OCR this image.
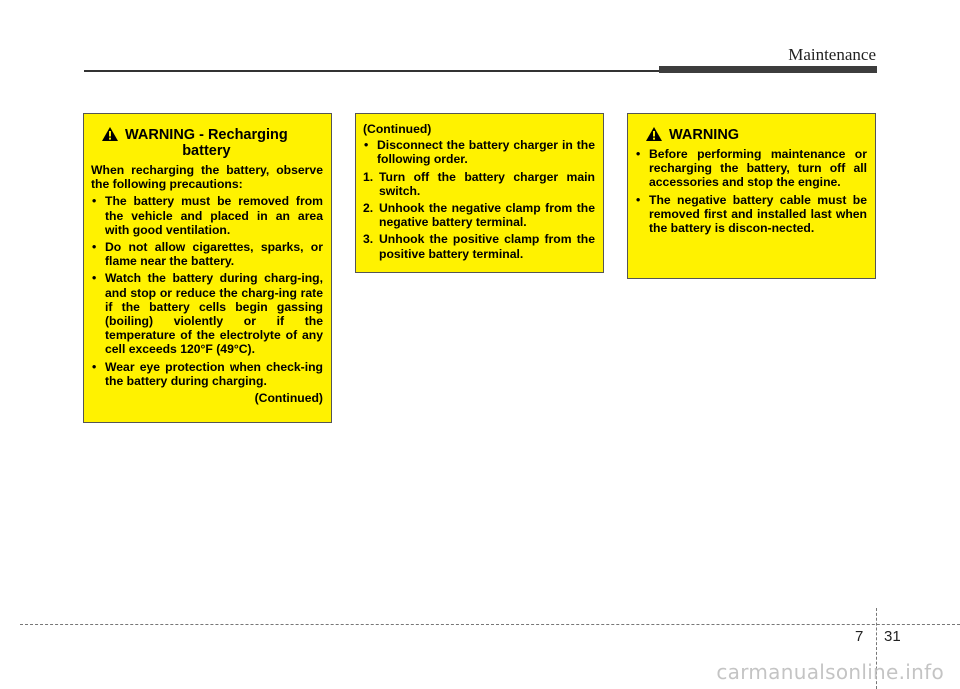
Maintenance
WARNING - Recharging
battery
When recharging the battery, observe the following precautions:
• The battery must be removed from the vehicle and placed in an area with good ventilation.
• Do not allow cigarettes, sparks, or flame near the battery.
• Watch the battery during charg-ing, and stop or reduce the charg-ing rate if the battery cells begin gassing (boiling) violently or if the temperature of the electrolyte of any cell exceeds 120°F (49°C).
• Wear eye protection when check-ing the battery during charging.
(Continued)
(Continued)
• Disconnect the battery charger in the following order.
1. Turn off the battery charger main switch.
2. Unhook the negative clamp from the negative battery terminal.
3. Unhook the positive clamp from the positive battery terminal.
WARNING
• Before performing maintenance or recharging the battery, turn off all accessories and stop the engine.
• The negative battery cable must be removed first and installed last when the battery is discon-nected.
7 31
carmanualsonline.info
